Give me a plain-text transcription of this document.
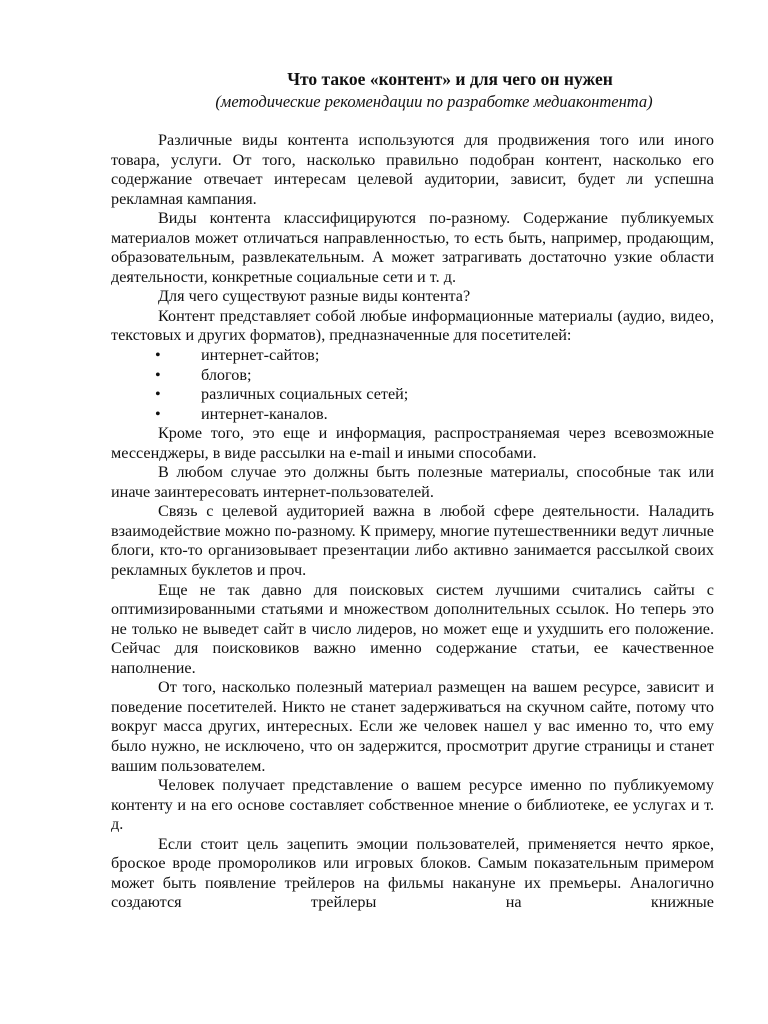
Что такое «контент» и для чего он нужен

(методические рекомендации по разработке медиаконтента)

Различные виды контента используются для продвижения того или иного товара, услуги. От того, насколько правильно подобран контент, насколько его содержание отвечает интересам целевой аудитории, зависит, будет ли успешна рекламная кампания.

Виды контента классифицируются по-разному. Содержание публикуемых материалов может отличаться направленностью, то есть быть, например, продающим, образовательным, развлекательным. А может затрагивать достаточно узкие области деятельности, конкретные социальные сети и т. д.

Для чего существуют разные виды контента?

Контент представляет собой любые информационные материалы (аудио, видео, текстовых и других форматов), предназначенные для посетителей:

• интернет-сайтов;
• блогов;
• различных социальных сетей;
• интернет-каналов.

Кроме того, это еще и информация, распространяемая через всевозможные мессенджеры, в виде рассылки на e-mail и иными способами.

В любом случае это должны быть полезные материалы, способные так или иначе заинтересовать интернет-пользователей.

Связь с целевой аудиторией важна в любой сфере деятельности. Наладить взаимодействие можно по-разному. К примеру, многие путешественники ведут личные блоги, кто-то организовывает презентации либо активно занимается рассылкой своих рекламных буклетов и проч.

Еще не так давно для поисковых систем лучшими считались сайты с оптимизированными статьями и множеством дополнительных ссылок. Но теперь это не только не выведет сайт в число лидеров, но может еще и ухудшить его положение. Сейчас для поисковиков важно именно содержание статьи, ее качественное наполнение.

От того, насколько полезный материал размещен на вашем ресурсе, зависит и поведение посетителей. Никто не станет задерживаться на скучном сайте, потому что вокруг масса других, интересных. Если же человек нашел у вас именно то, что ему было нужно, не исключено, что он задержится, просмотрит другие страницы и станет вашим пользователем.

Человек получает представление о вашем ресурсе именно по публикуемому контенту и на его основе составляет собственное мнение о библиотеке, ее услугах и т. д.

Если стоит цель зацепить эмоции пользователей, применяется нечто яркое, броское вроде промороликов или игровых блоков. Самым показательным примером может быть появление трейлеров на фильмы накануне их премьеры. Аналогично создаются трейлеры на книжные
